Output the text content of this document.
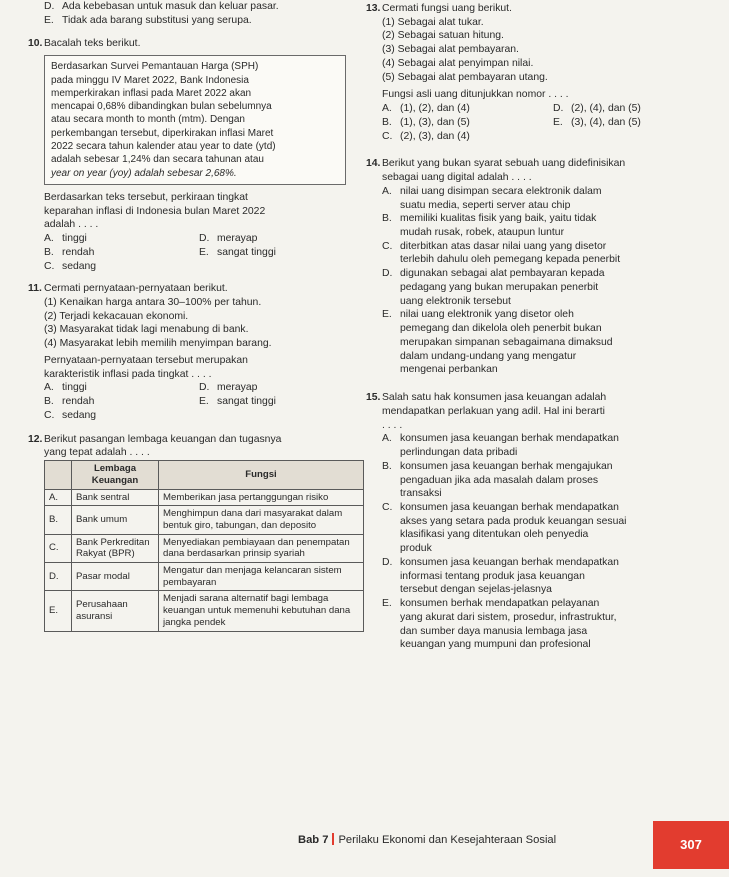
D. Ada kebebasan untuk masuk dan keluar pasar.
E. Tidak ada barang substitusi yang serupa.
10. Bacalah teks berikut.
Berdasarkan Survei Pemantauan Harga (SPH)
pada minggu IV Maret 2022, Bank Indonesia
memperkirakan inflasi pada Maret 2022 akan
mencapai 0,68% dibandingkan bulan sebelumnya
atau secara month to month (mtm). Dengan
perkembangan tersebut, diperkirakan inflasi Maret
2022 secara tahun kalender atau year to date (ytd)
adalah sebesar 1,24% dan secara tahunan atau
year on year (yoy) adalah sebesar 2,68%.
Berdasarkan teks tersebut, perkiraan tingkat
keparahan inflasi di Indonesia bulan Maret 2022
adalah . . . .
A. tinggi	D. merayap
B. rendah	E. sangat tinggi
C. sedang
11. Cermati pernyataan-pernyataan berikut.
(1) Kenaikan harga antara 30–100% per tahun.
(2) Terjadi kekacauan ekonomi.
(3) Masyarakat tidak lagi menabung di bank.
(4) Masyarakat lebih memilih menyimpan barang.
Pernyataan-pernyataan tersebut merupakan
karakteristik inflasi pada tingkat . . . .
A. tinggi	D. merayap
B. rendah	E. sangat tinggi
C. sedang
12. Berikut pasangan lembaga keuangan dan tugasnya
yang tepat adalah . . . .
	Lembaga Keuangan	Fungsi
A.	Bank sentral	Memberikan jasa pertanggungan risiko
B.	Bank umum	Menghimpun dana dari masyarakat dalam bentuk giro, tabungan, dan deposito
C.	Bank Perkreditan Rakyat (BPR)	Menyediakan pembiayaan dan penempatan dana berdasarkan prinsip syariah
D.	Pasar modal	Mengatur dan menjaga kelancaran sistem pembayaran
E.	Perusahaan asuransi	Menjadi sarana alternatif bagi lembaga keuangan untuk memenuhi kebutuhan dana jangka pendek
13. Cermati fungsi uang berikut.
(1) Sebagai alat tukar.
(2) Sebagai satuan hitung.
(3) Sebagai alat pembayaran.
(4) Sebagai alat penyimpan nilai.
(5) Sebagai alat pembayaran utang.
Fungsi asli uang ditunjukkan nomor . . . .
A. (1), (2), dan (4)	D. (2), (4), dan (5)
B. (1), (3), dan (5)	E. (3), (4), dan (5)
C. (2), (3), dan (4)
14. Berikut yang bukan syarat sebuah uang didefinisikan
sebagai uang digital adalah . . . .
A. nilai uang disimpan secara elektronik dalam
suatu media, seperti server atau chip
B. memiliki kualitas fisik yang baik, yaitu tidak
mudah rusak, robek, ataupun luntur
C. diterbitkan atas dasar nilai uang yang disetor
terlebih dahulu oleh pemegang kepada penerbit
D. digunakan sebagai alat pembayaran kepada
pedagang yang bukan merupakan penerbit
uang elektronik tersebut
E. nilai uang elektronik yang disetor oleh
pemegang dan dikelola oleh penerbit bukan
merupakan simpanan sebagaimana dimaksud
dalam undang-undang yang mengatur
mengenai perbankan
15. Salah satu hak konsumen jasa keuangan adalah
mendapatkan perlakuan yang adil. Hal ini berarti
. . . .
A. konsumen jasa keuangan berhak mendapatkan
perlindungan data pribadi
B. konsumen jasa keuangan berhak mengajukan
pengaduan jika ada masalah dalam proses
transaksi
C. konsumen jasa keuangan berhak mendapatkan
akses yang setara pada produk keuangan sesuai
klasifikasi yang ditentukan oleh penyedia
produk
D. konsumen jasa keuangan berhak mendapatkan
informasi tentang produk jasa keuangan
tersebut dengan sejelas-jelasnya
E. konsumen berhak mendapatkan pelayanan
yang akurat dari sistem, prosedur, infrastruktur,
dan sumber daya manusia lembaga jasa
keuangan yang mumpuni dan profesional
Bab 7 Perilaku Ekonomi dan Kesejahteraan Sosial	307
